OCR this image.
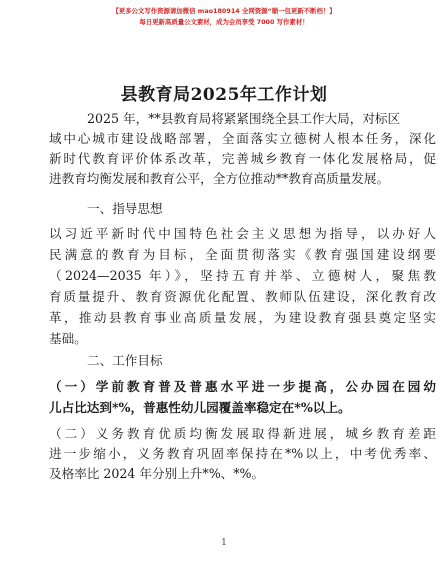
【更多公文写作资源请加微信 mao180914 全网资源“顺一包更新不断档！】
每日更新高质量公文素材，成为会员享受 7000 写作素材！
县教育局2025年工作计划
2025 年，**县教育局将紧紧围绕全县工作大局，对标区
域中心城市建设战略部署，全面落实立德树人根本任务，深化
新时代教育评价体系改革，完善城乡教育一体化发展格局，促
进教育均衡发展和教育公平，全方位推动**教育高质量发展。
一、指导思想
以习近平新时代中国特色社会主义思想为指导，以办好人
民满意的教育为目标，全面贯彻落实《教育强国建设纲要
（2024—2035 年）》，坚持五育并举、立德树人，聚焦教
育质量提升、教育资源优化配置、教师队伍建设，深化教育改
革，推动县教育事业高质量发展，为建设教育强县奠定坚实
基础。
二、工作目标
（一）学前教育普及普惠水平进一步提高，公办园在园幼
儿占比达到*%，普惠性幼儿园覆盖率稳定在*%以上。
（二）义务教育优质均衡发展取得新进展，城乡教育差距
进一步缩小，义务教育巩固率保持在*%以上，中考优秀率、
及格率比 2024 年分别上升*%、*%。
1
